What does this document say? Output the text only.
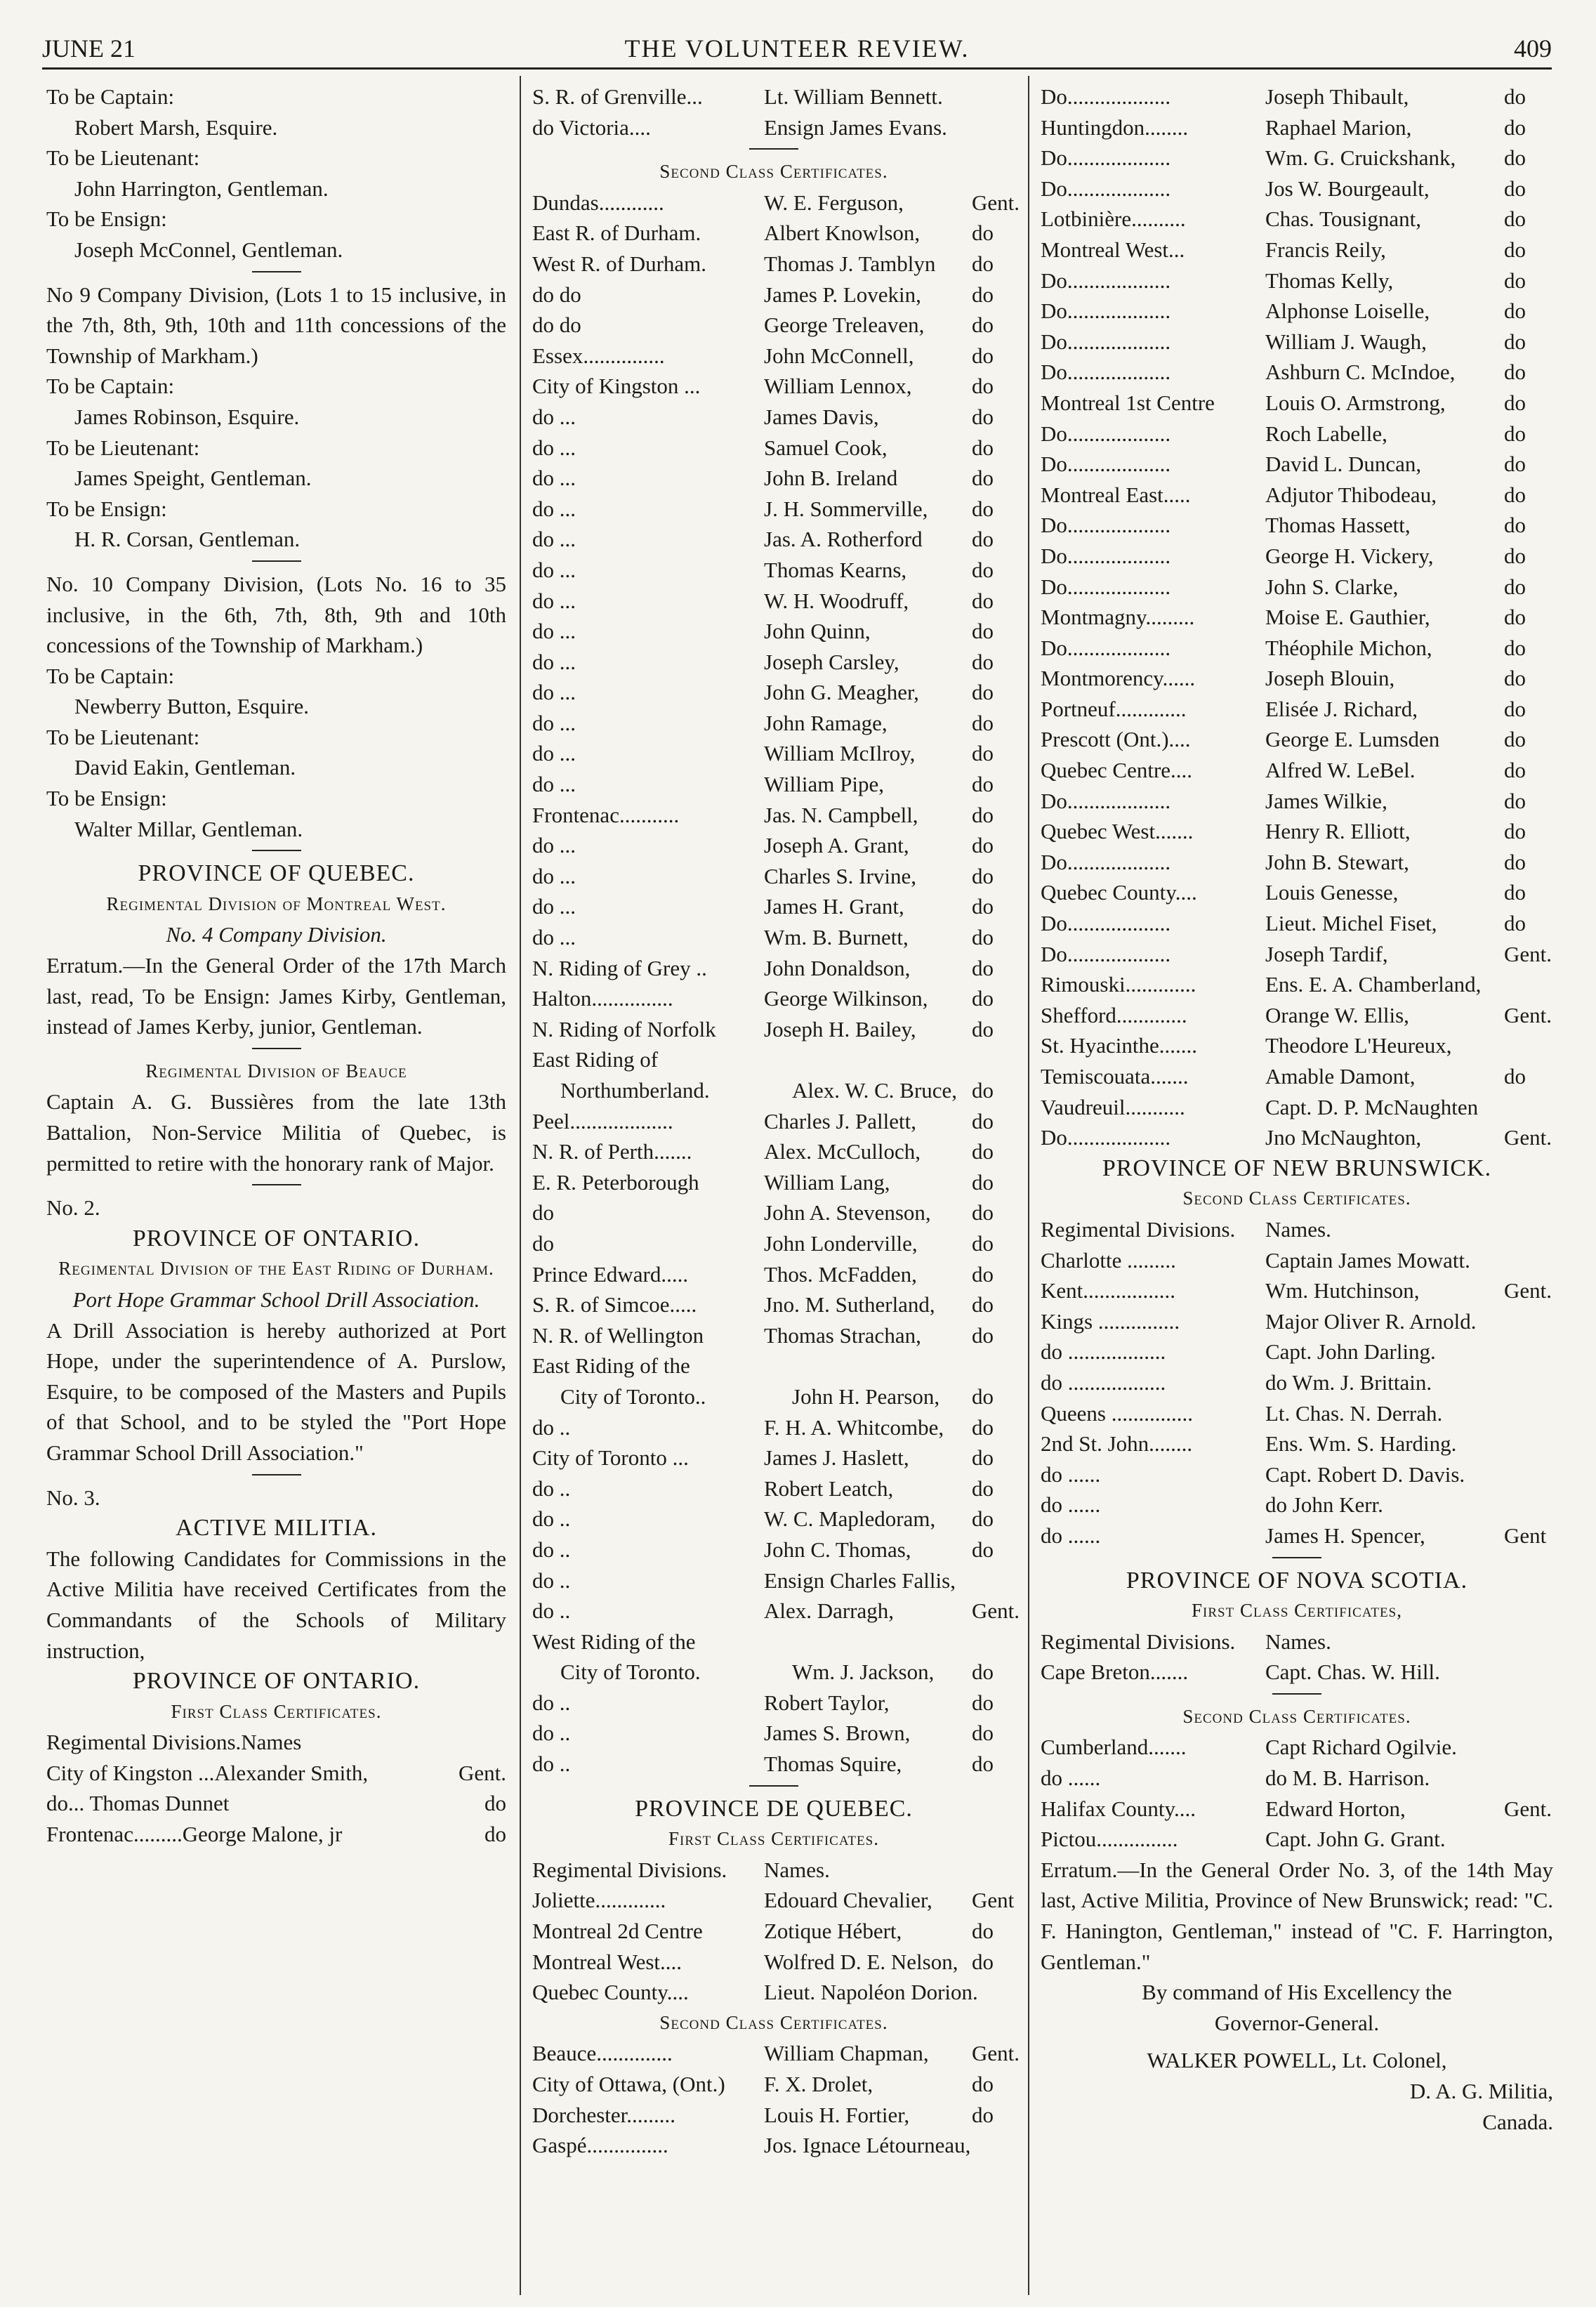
JUNE 21	THE VOLUNTEER REVIEW.	409
To be Captain:
Robert Marsh, Esquire.
To be Lieutenant:
John Harrington, Gentleman.
To be Ensign:
Joseph McConnel, Gentleman.
No 9 Company Division, (Lots 1 to 15 inclusive, in the 7th, 8th, 9th, 10th and 11th concessions of the Township of Markham.)
To be Captain:
James Robinson, Esquire.
To be Lieutenant:
James Speight, Gentleman.
To be Ensign:
H. R. Corsan, Gentleman.
No. 10 Company Division, (Lots No. 16 to 35 inclusive, in the 6th, 7th, 8th, 9th and 10th concessions of the Township of Markham.)
To be Captain:
Newberry Button, Esquire.
To be Lieutenant:
David Eakin, Gentleman.
To be Ensign:
Walter Millar, Gentleman.
PROVINCE OF QUEBEC.
Regimental Division of Montreal West.
No. 4 Company Division.
Erratum.—In the General Order of the 17th March last, read, To be Ensign: James Kirby, Gentleman, instead of James Kerby, junior, Gentleman.
Regimental Division of Beauce
Captain A. G. Bussières from the late 13th Battalion, Non-Service Militia of Quebec, is permitted to retire with the honorary rank of Major.
No. 2.
PROVINCE OF ONTARIO.
Regimental Division of the East Riding of Durham.
Port Hope Grammar School Drill Association.
A Drill Association is hereby authorized at Port Hope, under the superintendence of A. Purslow, Esquire, to be composed of the Masters and Pupils of that School, and to be styled the "Port Hope Grammar School Drill Association."
No. 3.
ACTIVE MILITIA.
The following Candidates for Commissions in the Active Militia have received Certificates from the Commandants of the Schools of Military instruction,
PROVINCE OF ONTARIO.
First Class Certificates.
Regimental Divisions. Names
City of Kingston ... Alexander Smith,	Gent.
do ... Thomas Dunnet	do
Frontenac......... George Malone, jr	do
S. R. of Grenville...	Lt. William Bennett.
do Victoria....	Ensign James Evans.
Second Class Certificates.
Dundas............	W. E. Ferguson,	Gent.
East R. of Durham.	Albert Knowlson,	do
West R. of Durham.	Thomas J. Tamblyn	do
do do	James P. Lovekin,	do
do do	George Treleaven,	do
Essex...............	John McConnell,	do
City of Kingston ...	William Lennox,	do
do ...	James Davis,	do
do ...	Samuel Cook,	do
do ...	John B. Ireland	do
do ...	J. H. Sommerville,	do
do ...	Jas. A. Rotherford	do
do ...	Thomas Kearns,	do
do ...	W. H. Woodruff,	do
do ...	John Quinn,	do
do ...	Joseph Carsley,	do
do ...	John G. Meagher,	do
do ...	John Ramage,	do
do ...	William McIlroy,	do
do ...	William Pipe,	do
Frontenac...........	Jas. N. Campbell,	do
do ...	Joseph A. Grant,	do
do ...	Charles S. Irvine,	do
do ...	James H. Grant,	do
do ...	Wm. B. Burnett,	do
N. Riding of Grey ..	John Donaldson,	do
Halton...............	George Wilkinson,	do
N. Riding of Norfolk	Joseph H. Bailey,	do
East Riding of
Northumberland.	Alex. W. C. Bruce, do
Peel...................	Charles J. Pallett,	do
N. R. of Perth.......	Alex. McCulloch,	do
E. R. Peterborough	William Lang,	do
do	John A. Stevenson,	do
do	John Londerville,	do
Prince Edward.....	Thos. McFadden,	do
S. R. of Simcoe.....	Jno. M. Sutherland,	do
N. R. of Wellington	Thomas Strachan,	do
East Riding of the
City of Toronto..	John H. Pearson,	do
do ..	F. H. A. Whitcombe,	do
City of Toronto ...	James J. Haslett,	do
do ..	Robert Leatch,	do
do ..	W. C. Mapledoram,	do
do ..	John C. Thomas,	do
do ..	Ensign Charles Fallis,
do ..	Alex. Darragh,	Gent.
West Riding of the
City of Toronto.	Wm. J. Jackson,	do
do ..	Robert Taylor,	do
do ..	James S. Brown,	do
do ..	Thomas Squire,	do
PROVINCE DE QUEBEC.
First Class Certificates.
Regimental Divisions.	Names.
Joliette.............	Edouard Chevalier,	Gent
Montreal 2d Centre	Zotique Hébert,	do
Montreal West....	Wolfred D. E. Nelson, do
Quebec County....	Lieut. Napoléon Dorion.
Second Class Certificates.
Beauce..............	William Chapman,	Gent.
City of Ottawa, (Ont.)	F. X. Drolet,	do
Dorchester.........	Louis H. Fortier,	do
Gaspé...............	Jos. Ignace Létourneau,
Do...................	Joseph Thibault,	do
Huntingdon........	Raphael Marion,	do
Do...................	Wm. G. Cruickshank,	do
Do...................	Jos W. Bourgeault,	do
Lotbinière..........	Chas. Tousignant,	do
Montreal West...	Francis Reily,	do
Do...................	Thomas Kelly,	do
Do...................	Alphonse Loiselle,	do
Do...................	William J. Waugh,	do
Do...................	Ashburn C. McIndoe,	do
Montreal 1st Centre	Louis O. Armstrong,	do
Do...................	Roch Labelle,	do
Do...................	David L. Duncan,	do
Montreal East.....	Adjutor Thibodeau,	do
Do...................	Thomas Hassett,	do
Do...................	George H. Vickery,	do
Do...................	John S. Clarke,	do
Montmagny.........	Moise E. Gauthier,	do
Do...................	Théophile Michon,	do
Montmorency......	Joseph Blouin,	do
Portneuf.............	Elisée J. Richard,	do
Prescott (Ont.)....	George E. Lumsden	do
Quebec Centre....	Alfred W. LeBel.	do
Do...................	James Wilkie,	do
Quebec West.......	Henry R. Elliott,	do
Do...................	John B. Stewart,	do
Quebec County....	Louis Genesse,	do
Do...................	Lieut. Michel Fiset,	do
Do...................	Joseph Tardif,	Gent.
Rimouski.............	Ens. E. A. Chamberland,
Shefford.............	Orange W. Ellis,	Gent.
St. Hyacinthe.......	Theodore L'Heureux,
Temiscouata.......	Amable Damont,	do
Vaudreuil...........	Capt. D. P. McNaughten
Do...................	Jno McNaughton,	Gent.
PROVINCE OF NEW BRUNSWICK.
Second Class Certificates.
Regimental Divisions.	Names.
Charlotte .........	Captain James Mowatt.
Kent.................	Wm. Hutchinson,	Gent.
Kings ...............	Major Oliver R. Arnold.
do ..................	Capt. John Darling.
do ..................	do Wm. J. Brittain.
Queens ...............	Lt. Chas. N. Derrah.
2nd St. John........	Ens. Wm. S. Harding.
do ......	Capt. Robert D. Davis.
do ......	do John Kerr.
do ......	James H. Spencer,	Gent
PROVINCE OF NOVA SCOTIA.
First Class Certificates,
Regimental Divisions.	Names.
Cape Breton.......	Capt. Chas. W. Hill.
Second Class Certificates.
Cumberland.......	Capt Richard Ogilvie.
do ......	do M. B. Harrison.
Halifax County....	Edward Horton,	Gent.
Pictou...............	Capt. John G. Grant.
Erratum.—In the General Order No. 3, of the 14th May last, Active Militia, Province of New Brunswick; read: "C. F. Hanington, Gentleman," instead of "C. F. Harrington, Gentleman."
By command of His Excellency the
Governor-General.
WALKER POWELL, Lt. Colonel,
D. A. G. Militia,
Canada.
